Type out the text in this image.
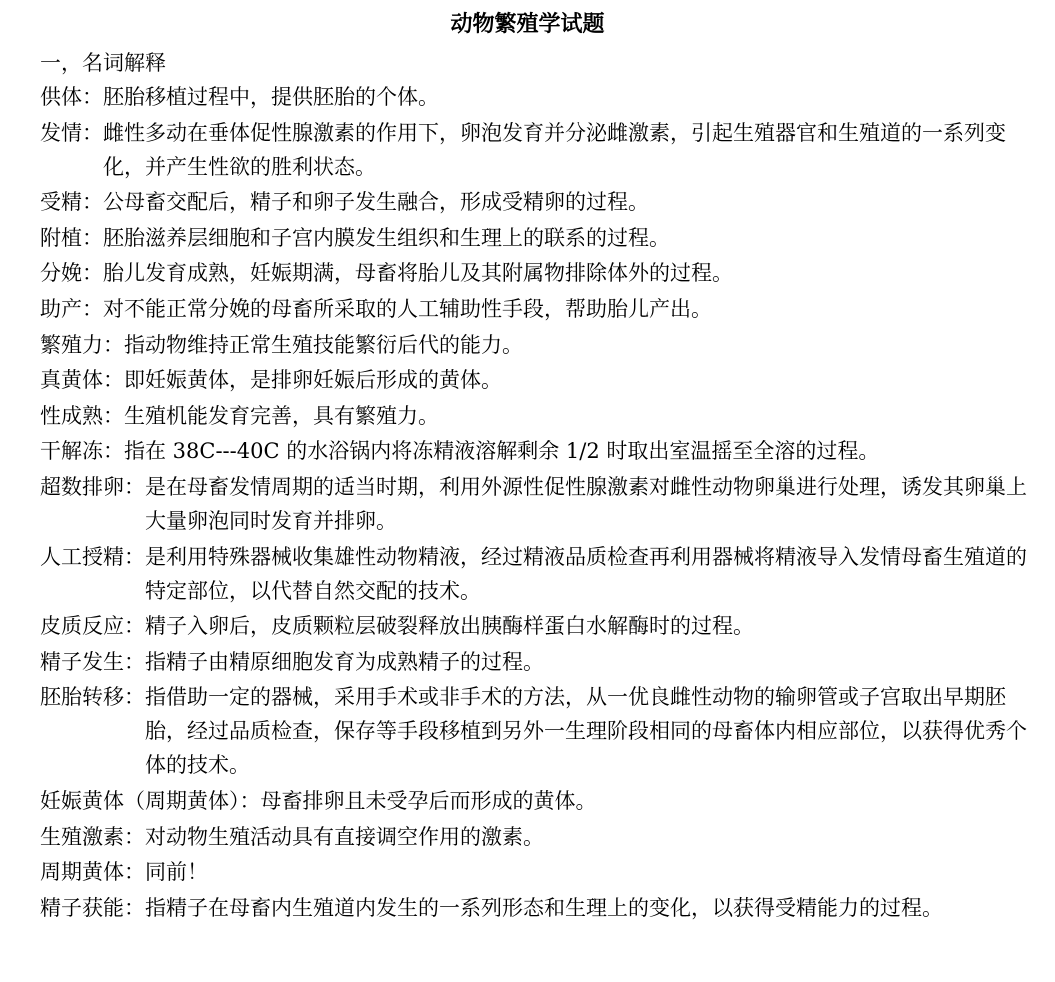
动物繁殖学试题

一，名词解释

供体： 胚胎移植过程中，提供胚胎的个体。
发情： 雌性多动在垂体促性腺激素的作用下，卵泡发育并分泌雌激素，引起生殖器官和生殖道的一系列变化，并产生性欲的胜利状态。
受精： 公母畜交配后，精子和卵子发生融合，形成受精卵的过程。
附植： 胚胎滋养层细胞和子宫内膜发生组织和生理上的联系的过程。
分娩： 胎儿发育成熟，妊娠期满，母畜将胎儿及其附属物排除体外的过程。
助产： 对不能正常分娩的母畜所采取的人工辅助性手段，帮助胎儿产出。
繁殖力： 指动物维持正常生殖技能繁衍后代的能力。
真黄体： 即妊娠黄体，是排卵妊娠后形成的黄体。
性成熟： 生殖机能发育完善，具有繁殖力。
干解冻： 指在 38C---40C 的水浴锅内将冻精液溶解剩余 1/2 时取出室温摇至全溶的过程。
超数排卵： 是在母畜发情周期的适当时期，利用外源性促性腺激素对雌性动物卵巢进行处理，诱发其卵巢上大量卵泡同时发育并排卵。
人工授精： 是利用特殊器械收集雄性动物精液，经过精液品质检查再利用器械将精液导入发情母畜生殖道的特定部位，以代替自然交配的技术。
皮质反应： 精子入卵后，皮质颗粒层破裂释放出胰酶样蛋白水解酶时的过程。
精子发生： 指精子由精原细胞发育为成熟精子的过程。
胚胎转移： 指借助一定的器械，采用手术或非手术的方法，从一优良雌性动物的输卵管或子宫取出早期胚胎，经过品质检查，保存等手段移植到另外一生理阶段相同的母畜体内相应部位，以获得优秀个体的技术。
妊娠黄体（周期黄体）： 母畜排卵且未受孕后而形成的黄体。
生殖激素： 对动物生殖活动具有直接调空作用的激素。
周期黄体： 同前！
精子获能： 指精子在母畜内生殖道内发生的一系列形态和生理上的变化，以获得受精能力的过程。
